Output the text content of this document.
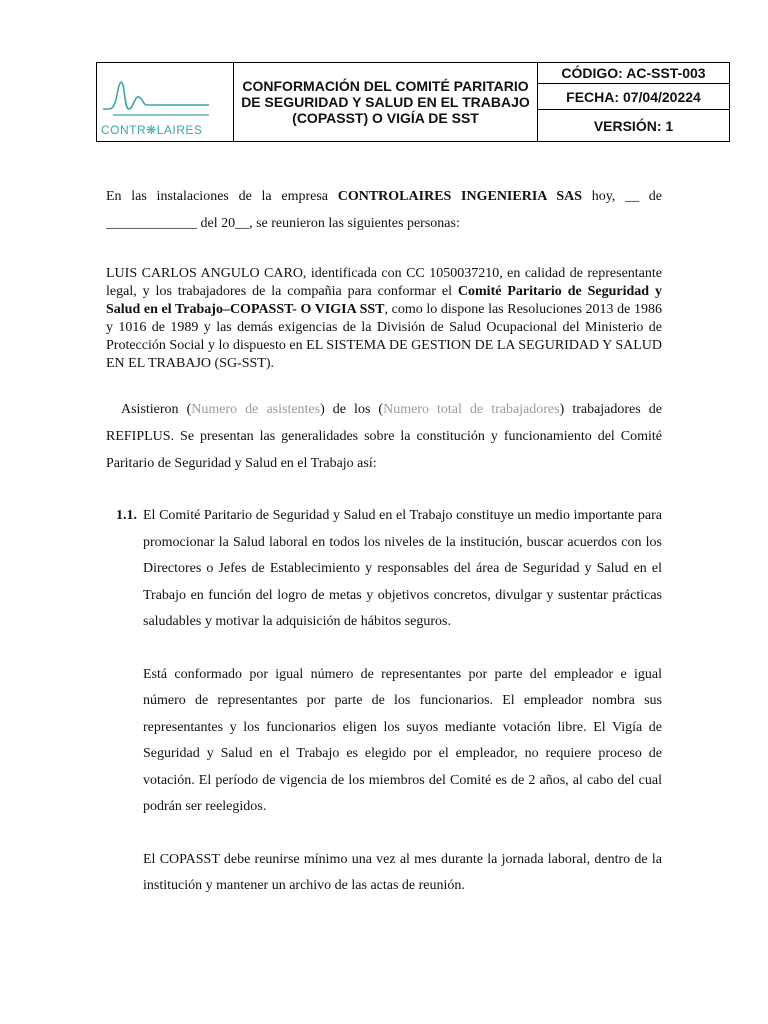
CONTR❋LAIRES
CONFORMACIÓN DEL COMITÉ PARITARIO DE SEGURIDAD Y SALUD EN EL TRABAJO (COPASST) O VIGÍA DE SST
CÓDIGO: AC-SST-003
FECHA: 07/04/20224
VERSIÓN: 1
En las instalaciones de la empresa CONTROLAIRES INGENIERIA SAS hoy, __ de _____________ del 20__, se reunieron las siguientes personas:
LUIS CARLOS ANGULO CARO, identificada con CC 1050037210, en calidad de representante legal, y los trabajadores de la compañia para conformar el Comité Paritario de Seguridad y Salud en el Trabajo–COPASST- O VIGIA SST, como lo dispone las Resoluciones 2013 de 1986 y 1016 de 1989 y las demás exigencias de la División de Salud Ocupacional del Ministerio de Protección Social y lo dispuesto en EL SISTEMA DE GESTION DE LA SEGURIDAD Y SALUD EN EL TRABAJO (SG-SST).
Asistieron (Numero de asistentes) de los (Numero total de trabajadores) trabajadores de REFIPLUS. Se presentan las generalidades sobre la constitución y funcionamiento del Comité Paritario de Seguridad y Salud en el Trabajo así:
1.1. El Comité Paritario de Seguridad y Salud en el Trabajo constituye un medio importante para promocionar la Salud laboral en todos los niveles de la institución, buscar acuerdos con los Directores o Jefes de Establecimiento y responsables del área de Seguridad y Salud en el Trabajo en función del logro de metas y objetivos concretos, divulgar y sustentar prácticas saludables y motivar la adquisición de hábitos seguros.

Está conformado por igual número de representantes por parte del empleador e igual número de representantes por parte de los funcionarios. El empleador nombra sus representantes y los funcionarios eligen los suyos mediante votación libre. El Vigía de Seguridad y Salud en el Trabajo es elegido por el empleador, no requiere proceso de votación. El período de vigencia de los miembros del Comité es de 2 años, al cabo del cual podrán ser reelegidos.

El COPASST debe reunirse mínimo una vez al mes durante la jornada laboral, dentro de la institución y mantener un archivo de las actas de reunión.
